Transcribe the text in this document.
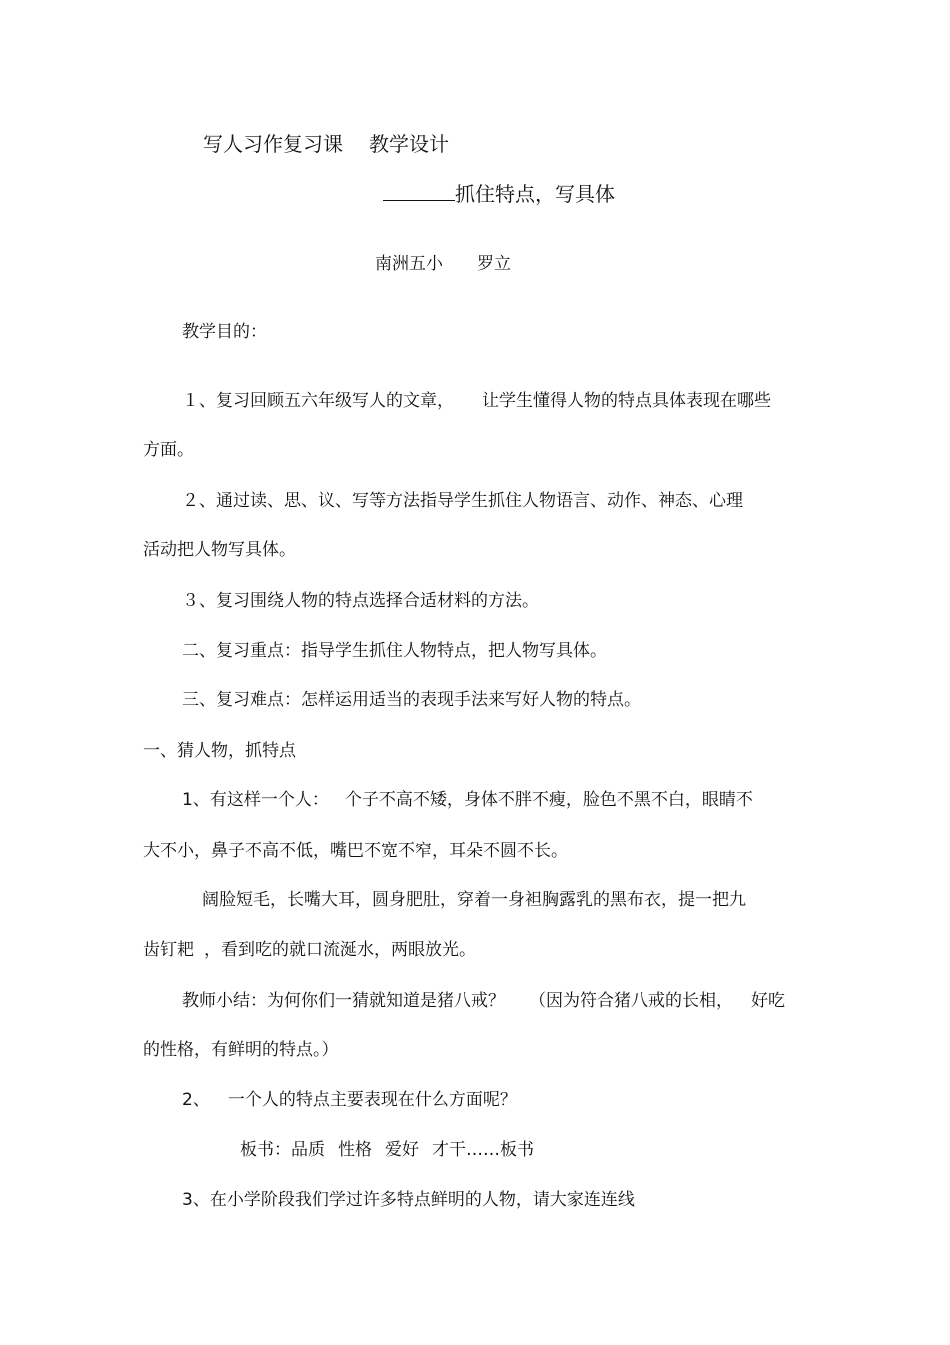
写人习作复习课 教学设计
抓住特点，写具体
南洲五小 罗立
教学目的：
１、复习回顾五六年级写人的文章， 让学生懂得人物的特点具体表现在哪些
方面。
２、通过读、思、议、写等方法指导学生抓住人物语言、动作、神态、心理
活动把人物写具体。
３、复习围绕人物的特点选择合适材料的方法。
二、复习重点：指导学生抓住人物特点，把人物写具体。
三、复习难点：怎样运用适当的表现手法来写好人物的特点。
一、猜人物，抓特点
1、有这样一个人： 个子不高不矮，身体不胖不瘦，脸色不黑不白，眼睛不
大不小，鼻子不高不低，嘴巴不宽不窄，耳朵不圆不长。
阔脸短毛，长嘴大耳，圆身肥肚，穿着一身袒胸露乳的黑布衣，提一把九
齿钉耙 ，看到吃的就口流涎水，两眼放光。
教师小结：为何你们一猜就知道是猪八戒？ （因为符合猪八戒的长相， 好吃
的性格，有鲜明的特点。）
2、 一个人的特点主要表现在什么方面呢？
板书：品质 性格 爱好 才干……板书
3、在小学阶段我们学过许多特点鲜明的人物，请大家连连线
